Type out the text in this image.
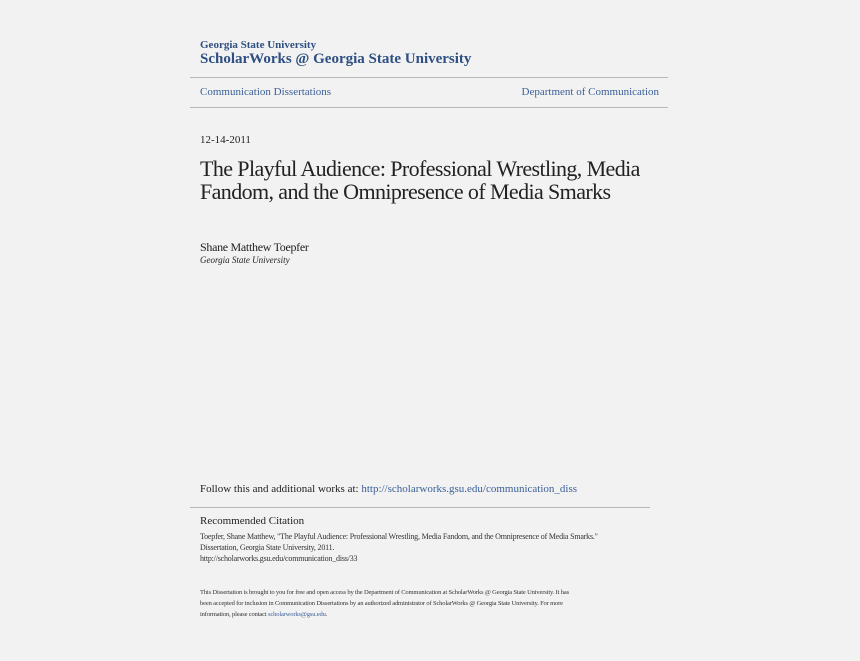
Georgia State University
ScholarWorks @ Georgia State University
Communication Dissertations	Department of Communication
12-14-2011
The Playful Audience: Professional Wrestling, Media Fandom, and the Omnipresence of Media Smarks
Shane Matthew Toepfer
Georgia State University
Follow this and additional works at: http://scholarworks.gsu.edu/communication_diss
Recommended Citation
Toepfer, Shane Matthew, "The Playful Audience: Professional Wrestling, Media Fandom, and the Omnipresence of Media Smarks."
Dissertation, Georgia State University, 2011.
http://scholarworks.gsu.edu/communication_diss/33
This Dissertation is brought to you for free and open access by the Department of Communication at ScholarWorks @ Georgia State University. It has
been accepted for inclusion in Communication Dissertations by an authorized administrator of ScholarWorks @ Georgia State University. For more
information, please contact scholarworks@gsu.edu.
